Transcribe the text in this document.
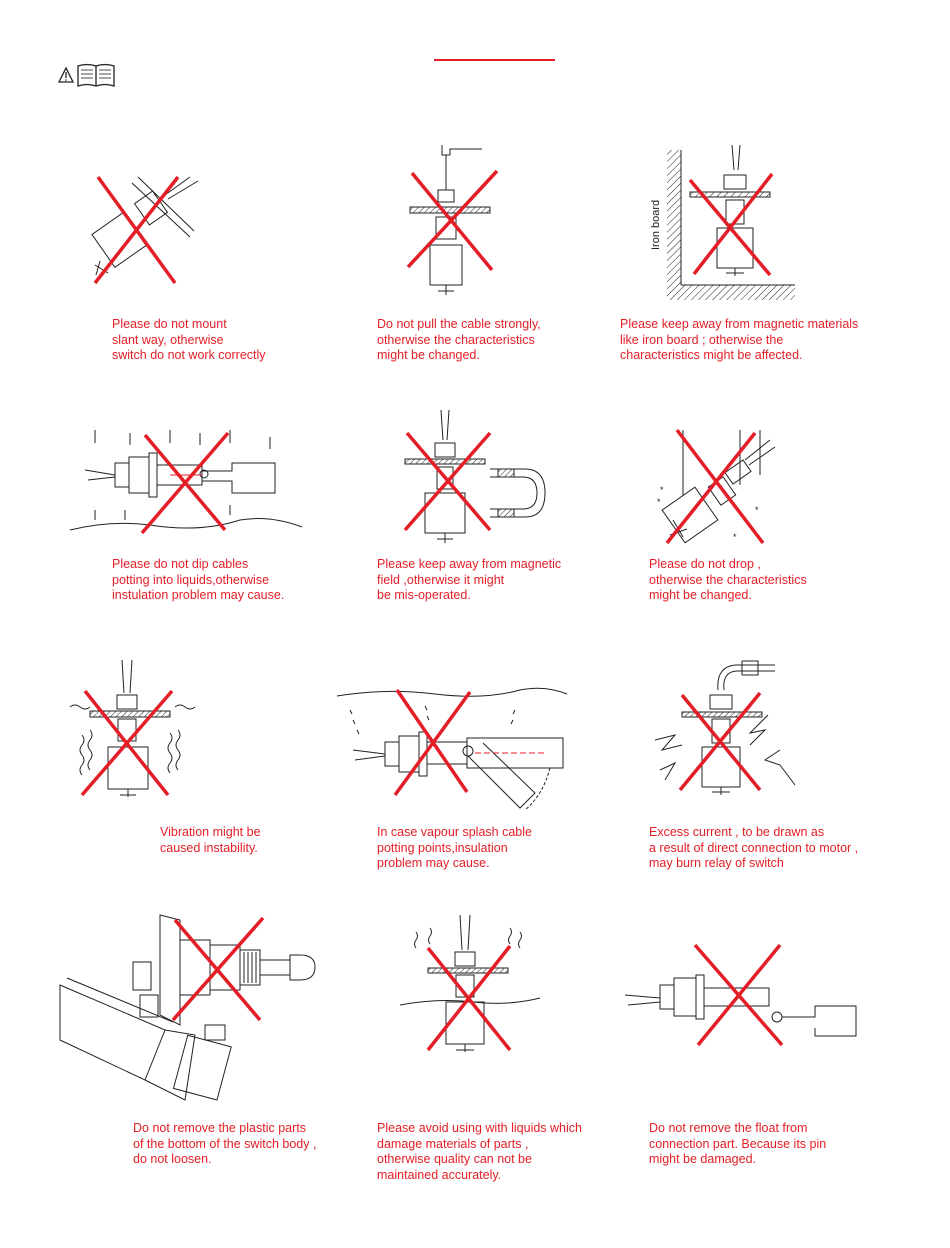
Please do not mount
slant way, otherwise
switch do not work correctly
Do not pull the cable strongly,
otherwise the characteristics
might be changed.
Iron board
Please keep away from magnetic materials
like iron board ; otherwise the
characteristics might be affected.
Please do not dip cables
potting into liquids,otherwise
instulation problem may cause.
Please keep away from magnetic
field ,otherwise it might
be mis-operated.
*
*
*
*
Please do not drop ,
otherwise the characteristics
might be changed.
Vibration might be
caused instability.
In case vapour splash cable
potting points,insulation
problem may cause.
Excess current , to be drawn as
a result of direct connection to motor ,
may burn relay of switch
Do not remove the plastic parts
of the bottom of the switch body ,
do not loosen.
Please avoid using with liquids which
damage materials of parts ,
otherwise quality can not be
maintained accurately.
Do not remove the float from
connection part. Because its pin
might be damaged.
